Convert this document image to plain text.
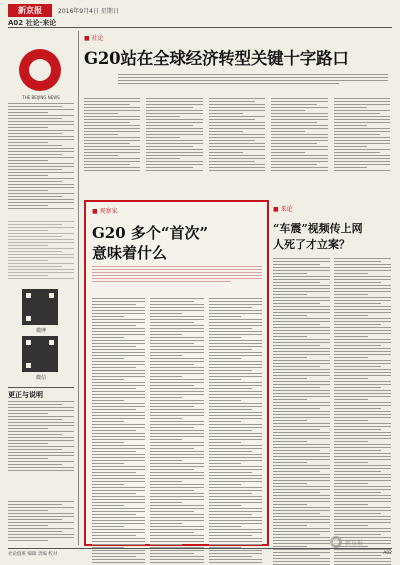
新京报	2016年9月4日 星期日
A02 社论·来论
THE BEIJING NEWS
微博
微信
更正与说明
■ 社论
G20站在全球经济转型关键十字路口
■ 观察家
G20 多个“首次”
意味着什么
■ 来论
“车震”视频传上网
人死了才立案？
社论值班 编辑 责编 校对	A02
新京报
